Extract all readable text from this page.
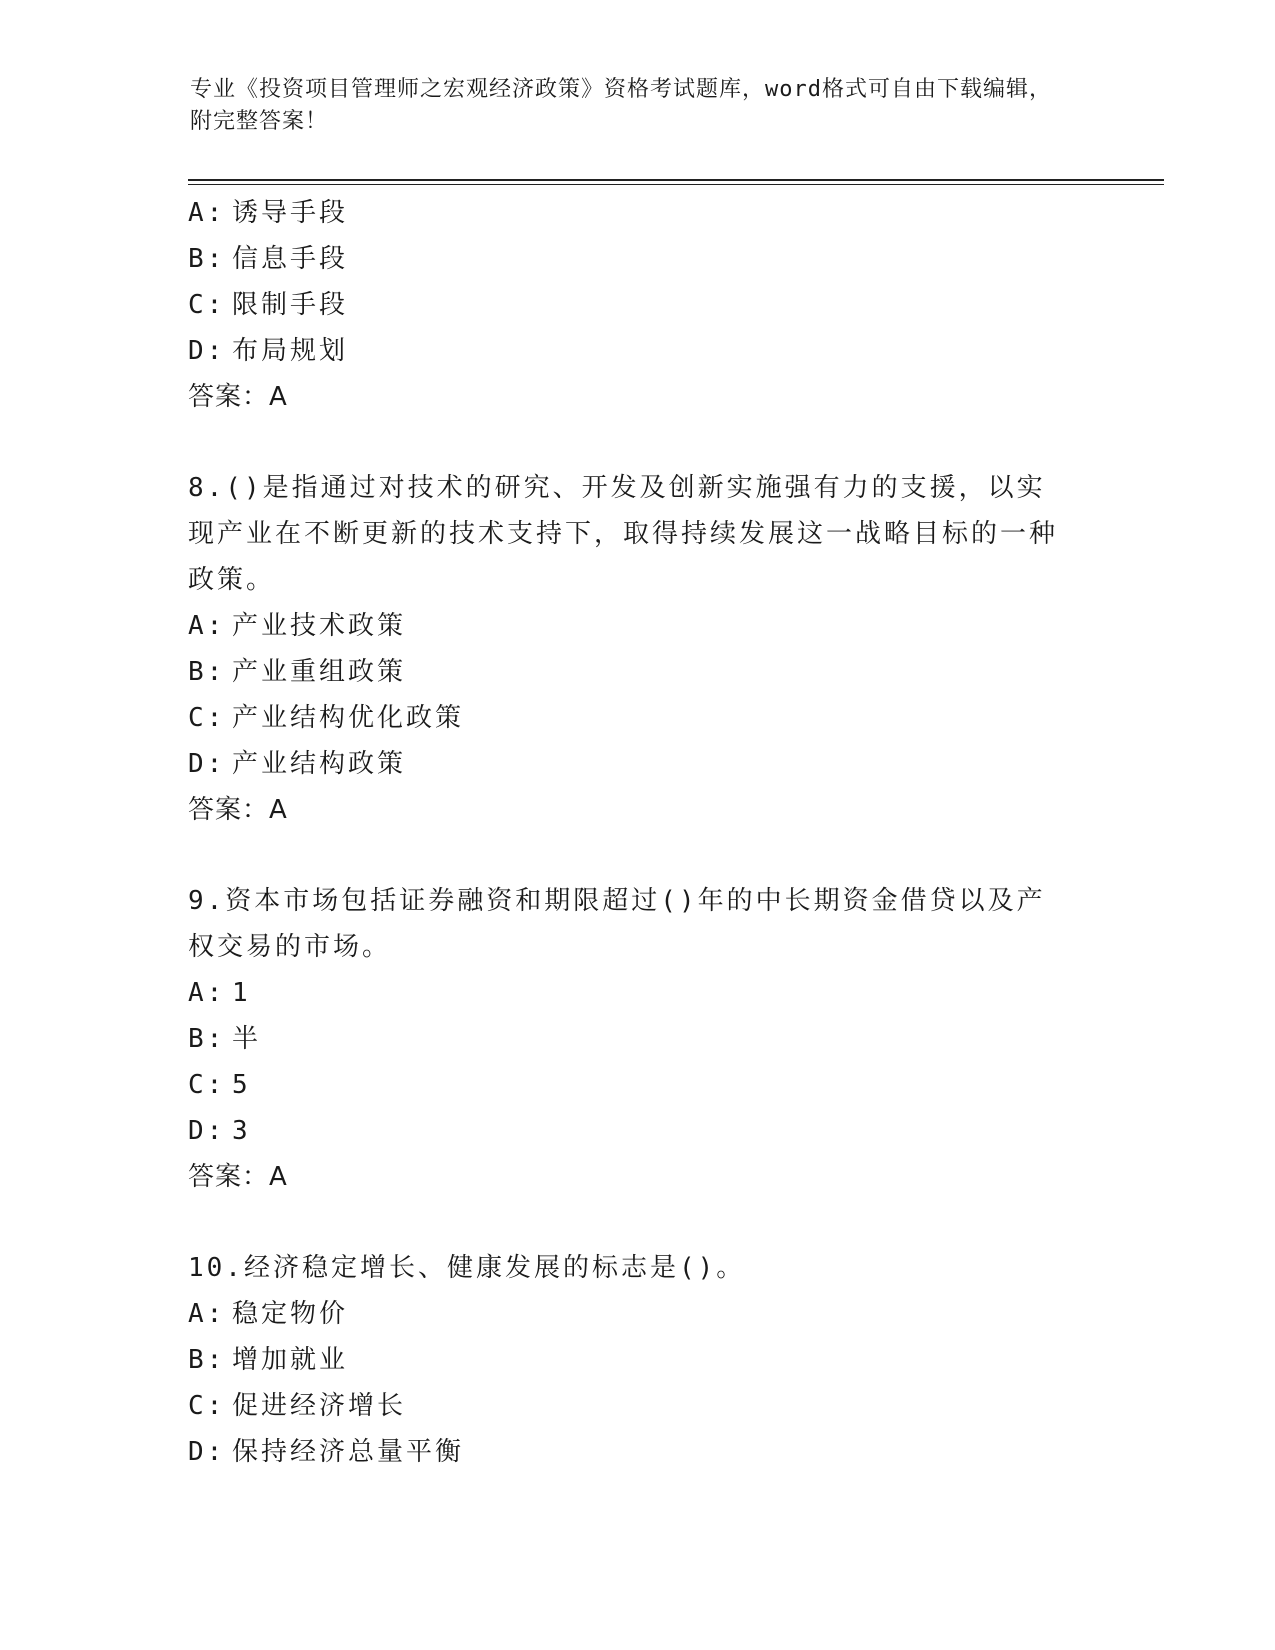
专业《投资项目管理师之宏观经济政策》资格考试题库，word格式可自由下载编辑，附完整答案！
A: 诱导手段
B: 信息手段
C: 限制手段
D: 布局规划
答案：A
8.()是指通过对技术的研究、开发及创新实施强有力的支援，以实现产业在不断更新的技术支持下，取得持续发展这一战略目标的一种政策。
A: 产业技术政策
B: 产业重组政策
C: 产业结构优化政策
D: 产业结构政策
答案：A
9.资本市场包括证券融资和期限超过()年的中长期资金借贷以及产权交易的市场。
A: 1
B: 半
C: 5
D: 3
答案：A
10.经济稳定增长、健康发展的标志是()。
A: 稳定物价
B: 增加就业
C: 促进经济增长
D: 保持经济总量平衡
